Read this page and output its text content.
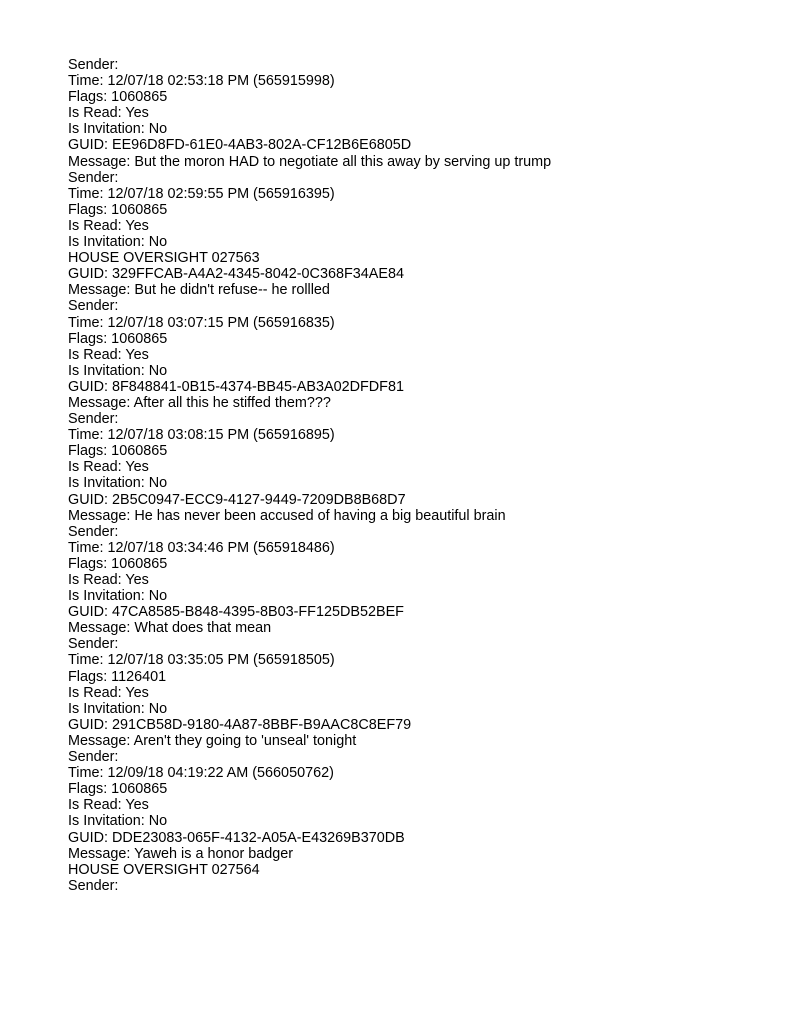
Sender:
Time: 12/07/18 02:53:18 PM (565915998)
Flags: 1060865
Is Read: Yes
Is Invitation: No
GUID: EE96D8FD-61E0-4AB3-802A-CF12B6E6805D
Message: But the moron HAD to negotiate all this away by serving up trump
Sender:
Time: 12/07/18 02:59:55 PM (565916395)
Flags: 1060865
Is Read: Yes
Is Invitation: No
HOUSE OVERSIGHT 027563
GUID: 329FFCAB-A4A2-4345-8042-0C368F34AE84
Message: But he didn't refuse-- he rollled
Sender:
Time: 12/07/18 03:07:15 PM (565916835)
Flags: 1060865
Is Read: Yes
Is Invitation: No
GUID: 8F848841-0B15-4374-BB45-AB3A02DFDF81
Message: After all this he stiffed them???
Sender:
Time: 12/07/18 03:08:15 PM (565916895)
Flags: 1060865
Is Read: Yes
Is Invitation: No
GUID: 2B5C0947-ECC9-4127-9449-7209DB8B68D7
Message: He has never been accused of having a big beautiful brain
Sender:
Time: 12/07/18 03:34:46 PM (565918486)
Flags: 1060865
Is Read: Yes
Is Invitation: No
GUID: 47CA8585-B848-4395-8B03-FF125DB52BEF
Message: What does that mean
Sender:
Time: 12/07/18 03:35:05 PM (565918505)
Flags: 1126401
Is Read: Yes
Is Invitation: No
GUID: 291CB58D-9180-4A87-8BBF-B9AAC8C8EF79
Message: Aren't they going to 'unseal' tonight
Sender:
Time: 12/09/18 04:19:22 AM (566050762)
Flags: 1060865
Is Read: Yes
Is Invitation: No
GUID: DDE23083-065F-4132-A05A-E43269B370DB
Message: Yaweh is a honor badger
HOUSE OVERSIGHT 027564
Sender:
